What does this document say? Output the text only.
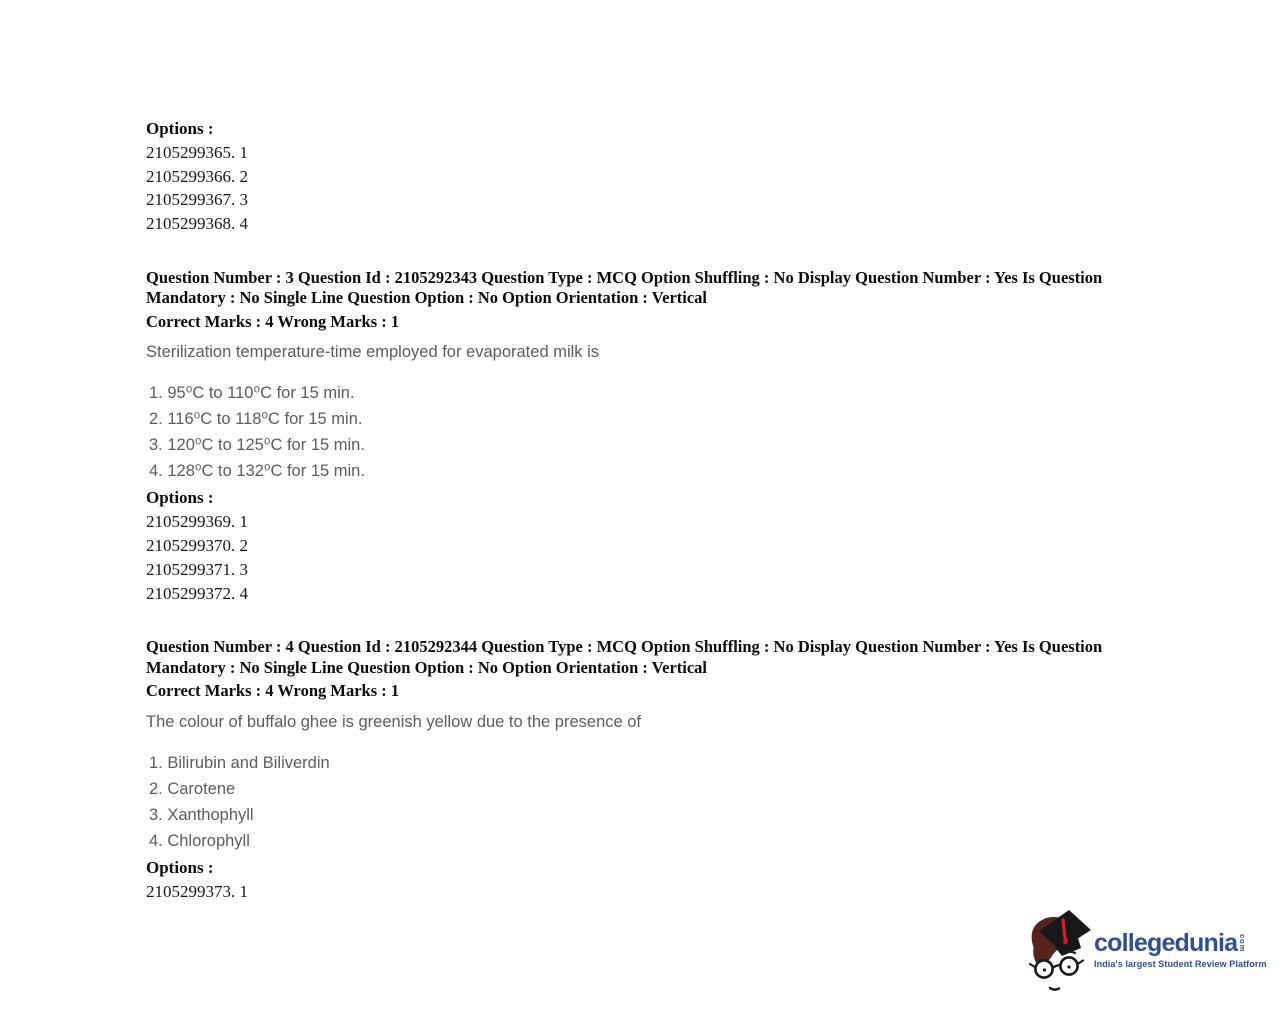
Options :

2105299365. 1

2105299366. 2

2105299367. 3

2105299368. 4

Question Number : 3 Question Id : 2105292343 Question Type : MCQ Option Shuffling : No Display Question Number : Yes Is Question Mandatory : No Single Line Question Option : No Option Orientation : Vertical

Correct Marks : 4 Wrong Marks : 1

Sterilization temperature-time employed for evaporated milk is

1. 95⁰C to 110⁰C for 15 min.

2. 116⁰C to 118⁰C for 15 min.

3. 120⁰C to 125⁰C for 15 min.

4. 128⁰C to 132⁰C for 15 min.

Options :

2105299369. 1

2105299370. 2

2105299371. 3

2105299372. 4

Question Number : 4 Question Id : 2105292344 Question Type : MCQ Option Shuffling : No Display Question Number : Yes Is Question Mandatory : No Single Line Question Option : No Option Orientation : Vertical

Correct Marks : 4 Wrong Marks : 1

The colour of buffalo ghee is greenish yellow due to the presence of

1. Bilirubin and Biliverdin

2. Carotene

3. Xanthophyll

4. Chlorophyll

Options :

2105299373. 1

collegedunia com
India's largest Student Review Platform
